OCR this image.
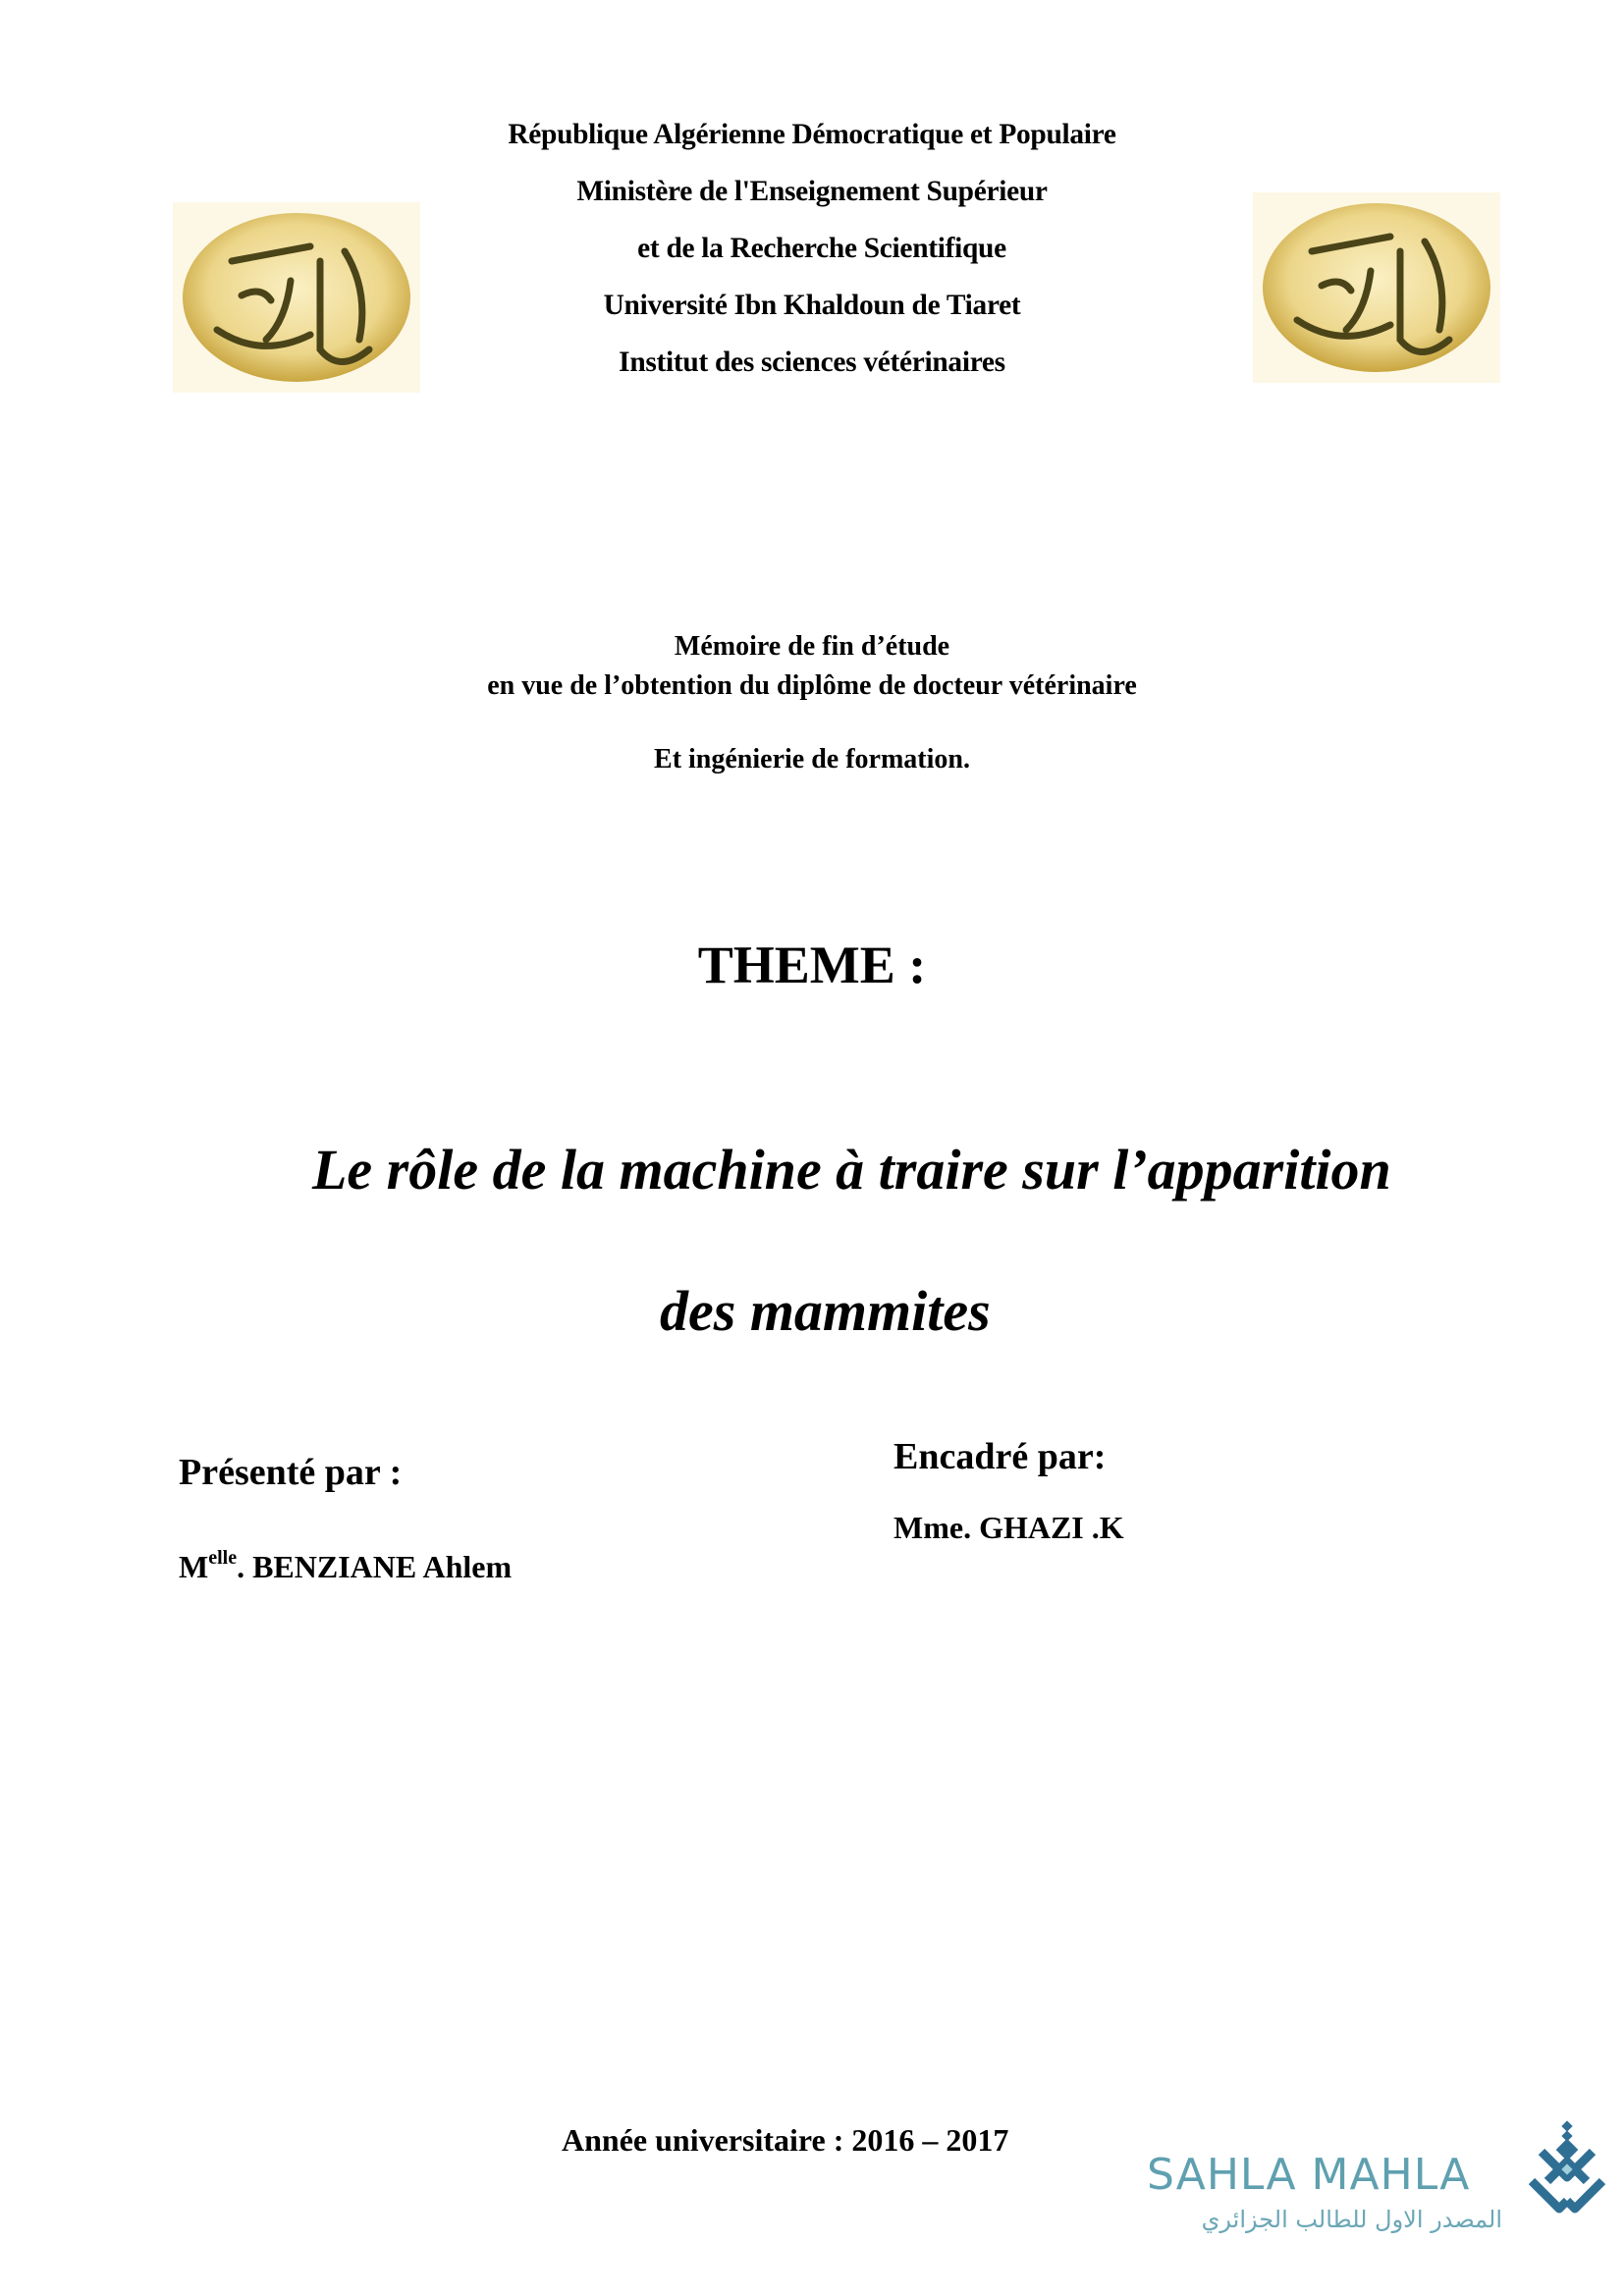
République Algérienne Démocratique et Populaire
Ministère de l'Enseignement Supérieur
et de la Recherche Scientifique
Université Ibn Khaldoun de Tiaret
Institut des sciences vétérinaires
Mémoire de fin d’étude
en vue de l’obtention du diplôme de docteur vétérinaire
Et ingénierie de formation.
THEME :
Le rôle de la machine à traire sur l’apparition
des mammites
Présenté par :
$M^{elle}$. BENZIANE Ahlem
Encadré par:
Mme. GHAZI .K
Année universitaire : 2016 – 2017
SAHLA MAHLA
المصدر الاول للطالب الجزائري
